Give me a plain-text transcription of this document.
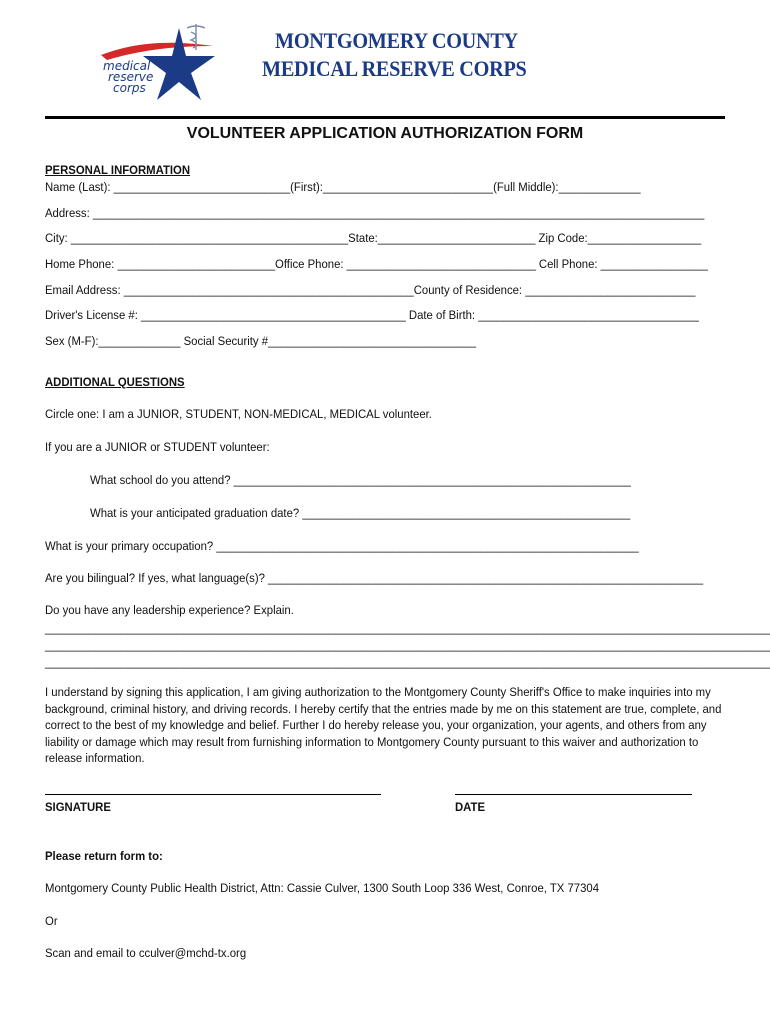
medical
reserve
corps
MONTGOMERY COUNTY
MEDICAL RESERVE CORPS
VOLUNTEER APPLICATION AUTHORIZATION FORM
PERSONAL INFORMATION
Name (Last): ____________________________(First):___________________________(Full Middle):_____________
Address: _________________________________________________________________________________________________
City: ____________________________________________State:_________________________ Zip Code:__________________
Home Phone: _________________________Office Phone: ______________________________ Cell Phone: _________________
Email Address: ______________________________________________County of Residence: ___________________________
Driver's License #: __________________________________________ Date of Birth: ___________________________________
Sex (M-F):_____________ Social Security #_________________________________
ADDITIONAL QUESTIONS
Circle one: I am a JUNIOR, STUDENT, NON-MEDICAL, MEDICAL volunteer.
If you are a JUNIOR or STUDENT volunteer:
What school do you attend? _______________________________________________________________
What is your anticipated graduation date? ____________________________________________________
What is your primary occupation? ___________________________________________________________________
Are you bilingual? If yes, what language(s)? _____________________________________________________________________
Do you have any leadership experience? Explain.
___________________________________________________________________________________________________________________
___________________________________________________________________________________________________________________
___________________________________________________________________________________________________________________
I understand by signing this application, I am giving authorization to the Montgomery County Sheriff's Office to make inquiries into my background, criminal history, and driving records. I hereby certify that the entries made by me on this statement are true, complete, and correct to the best of my knowledge and belief. Further I do hereby release you, your organization, your agents, and others from any liability or damage which may result from furnishing information to Montgomery County pursuant to this waiver and authorization to release information.
SIGNATURE	DATE
Please return form to:
Montgomery County Public Health District, Attn: Cassie Culver, 1300 South Loop 336 West, Conroe, TX 77304
Or
Scan and email to cculver@mchd-tx.org
